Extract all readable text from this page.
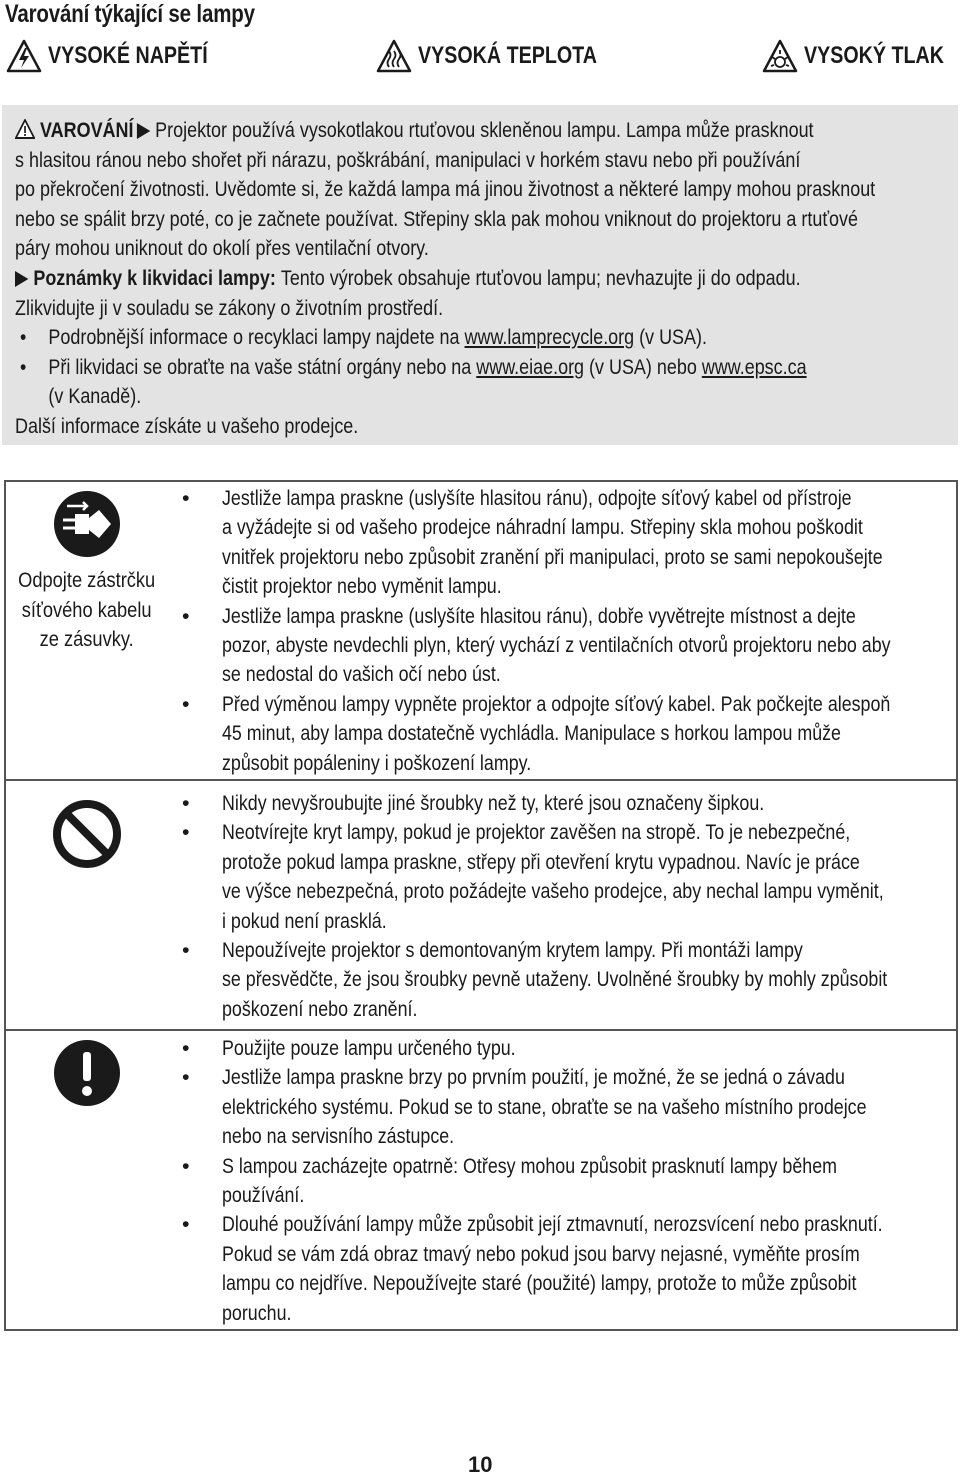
Varování týkající se lampy
VYSOKÉ NAPĚTÍ	VYSOKÁ TEPLOTA	VYSOKÝ TLAK
VAROVÁNÍ Projektor používá vysokotlakou rtuťovou skleněnou lampu. Lampa může prasknout
s hlasitou ránou nebo shořet při nárazu, poškrábání, manipulaci v horkém stavu nebo při používání
po překročení životnosti. Uvědomte si, že každá lampa má jinou životnost a některé lampy mohou prasknout
nebo se spálit brzy poté, co je začnete používat. Střepiny skla pak mohou vniknout do projektoru a rtuťové
páry mohou uniknout do okolí přes ventilační otvory.
Poznámky k likvidaci lampy: Tento výrobek obsahuje rtuťovou lampu; nevhazujte ji do odpadu.
Zlikvidujte ji v souladu se zákony o životním prostředí.
• Podrobnější informace o recyklaci lampy najdete na www.lamprecycle.org (v USA).
• Při likvidaci se obraťte na vaše státní orgány nebo na www.eiae.org (v USA) nebo www.epsc.ca
(v Kanadě).
Další informace získáte u vašeho prodejce.
Odpojte zástrčku
síťového kabelu
ze zásuvky.
• Jestliže lampa praskne (uslyšíte hlasitou ránu), odpojte síťový kabel od přístroje
a vyžádejte si od vašeho prodejce náhradní lampu. Střepiny skla mohou poškodit
vnitřek projektoru nebo způsobit zranění při manipulaci, proto se sami nepokoušejte
čistit projektor nebo vyměnit lampu.
• Jestliže lampa praskne (uslyšíte hlasitou ránu), dobře vyvětrejte místnost a dejte
pozor, abyste nevdechli plyn, který vychází z ventilačních otvorů projektoru nebo aby
se nedostal do vašich očí nebo úst.
• Před výměnou lampy vypněte projektor a odpojte síťový kabel. Pak počkejte alespoň
45 minut, aby lampa dostatečně vychládla. Manipulace s horkou lampou může
způsobit popáleniny i poškození lampy.
• Nikdy nevyšroubujte jiné šroubky než ty, které jsou označeny šipkou.
• Neotvírejte kryt lampy, pokud je projektor zavěšen na stropě. To je nebezpečné,
protože pokud lampa praskne, střepy při otevření krytu vypadnou. Navíc je práce
ve výšce nebezpečná, proto požádejte vašeho prodejce, aby nechal lampu vyměnit,
i pokud není prasklá.
• Nepoužívejte projektor s demontovaným krytem lampy. Při montáži lampy
se přesvědčte, že jsou šroubky pevně utaženy. Uvolněné šroubky by mohly způsobit
poškození nebo zranění.
• Použijte pouze lampu určeného typu.
• Jestliže lampa praskne brzy po prvním použití, je možné, že se jedná o závadu
elektrického systému. Pokud se to stane, obraťte se na vašeho místního prodejce
nebo na servisního zástupce.
• S lampou zacházejte opatrně: Otřesy mohou způsobit prasknutí lampy během
používání.
• Dlouhé používání lampy může způsobit její ztmavnutí, nerozsvícení nebo prasknutí.
Pokud se vám zdá obraz tmavý nebo pokud jsou barvy nejasné, vyměňte prosím
lampu co nejdříve. Nepoužívejte staré (použité) lampy, protože to může způsobit
poruchu.
10
